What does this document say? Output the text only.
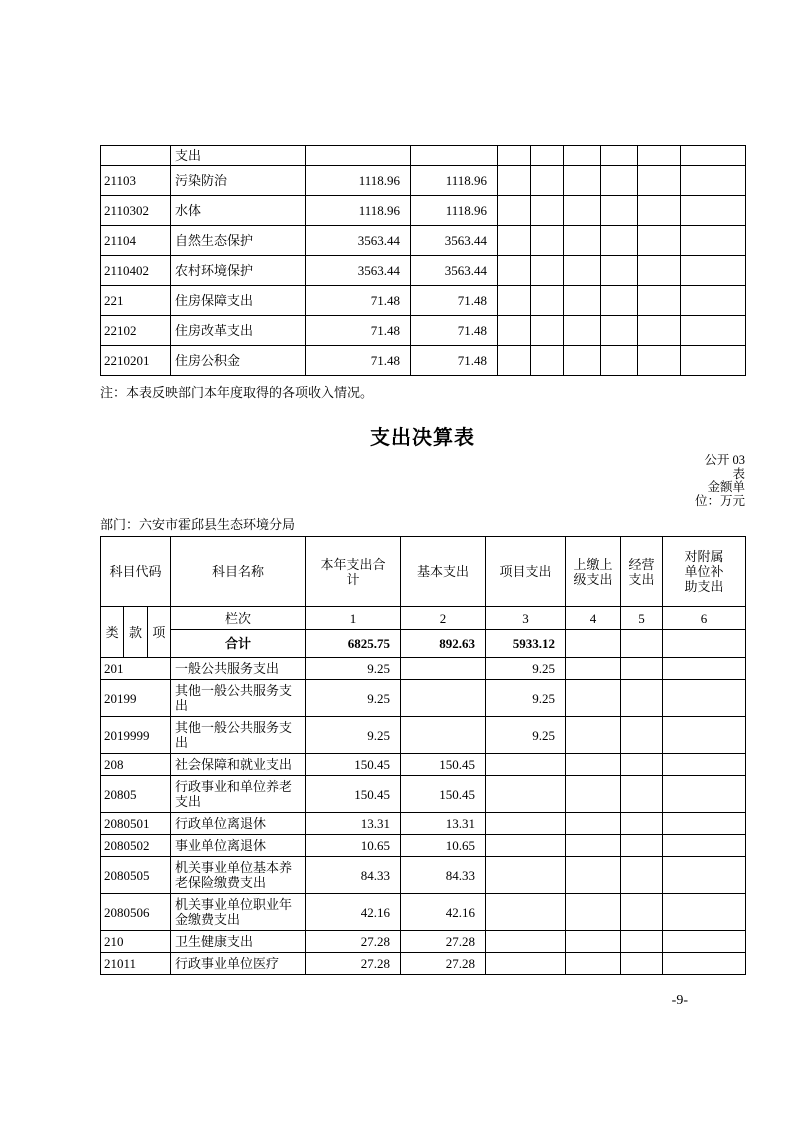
	支出								
21103	污染防治	1118.96	1118.96						
2110302	水体	1118.96	1118.96						
21104	自然生态保护	3563.44	3563.44						
2110402	农村环境保护	3563.44	3563.44						
221	住房保障支出	71.48	71.48						
22102	住房改革支出	71.48	71.48						
2210201	住房公积金	71.48	71.48						
注：本表反映部门本年度取得的各项收入情况。
支出决算表
公开 03
表
金额单
位：万元
部门：六安市霍邱县生态环境分局
科目代码	科目名称	本年支出合计	基本支出	项目支出	上缴上级支出	经营支出	对附属单位补助支出

类 款 项	栏次	1	2	3	4	5	6
	合计	6825.75	892.63	5933.12			
201	一般公共服务支出	9.25		9.25			
20199	其他一般公共服务支出	9.25		9.25			
2019999	其他一般公共服务支出	9.25		9.25			
208	社会保障和就业支出	150.45	150.45				
20805	行政事业和单位养老支出	150.45	150.45				
2080501	行政单位离退休	13.31	13.31				
2080502	事业单位离退休	10.65	10.65				
2080505	机关事业单位基本养老保险缴费支出	84.33	84.33				
2080506	机关事业单位职业年金缴费支出	42.16	42.16				
210	卫生健康支出	27.28	27.28				
21011	行政事业单位医疗	27.28	27.28				
-9-
